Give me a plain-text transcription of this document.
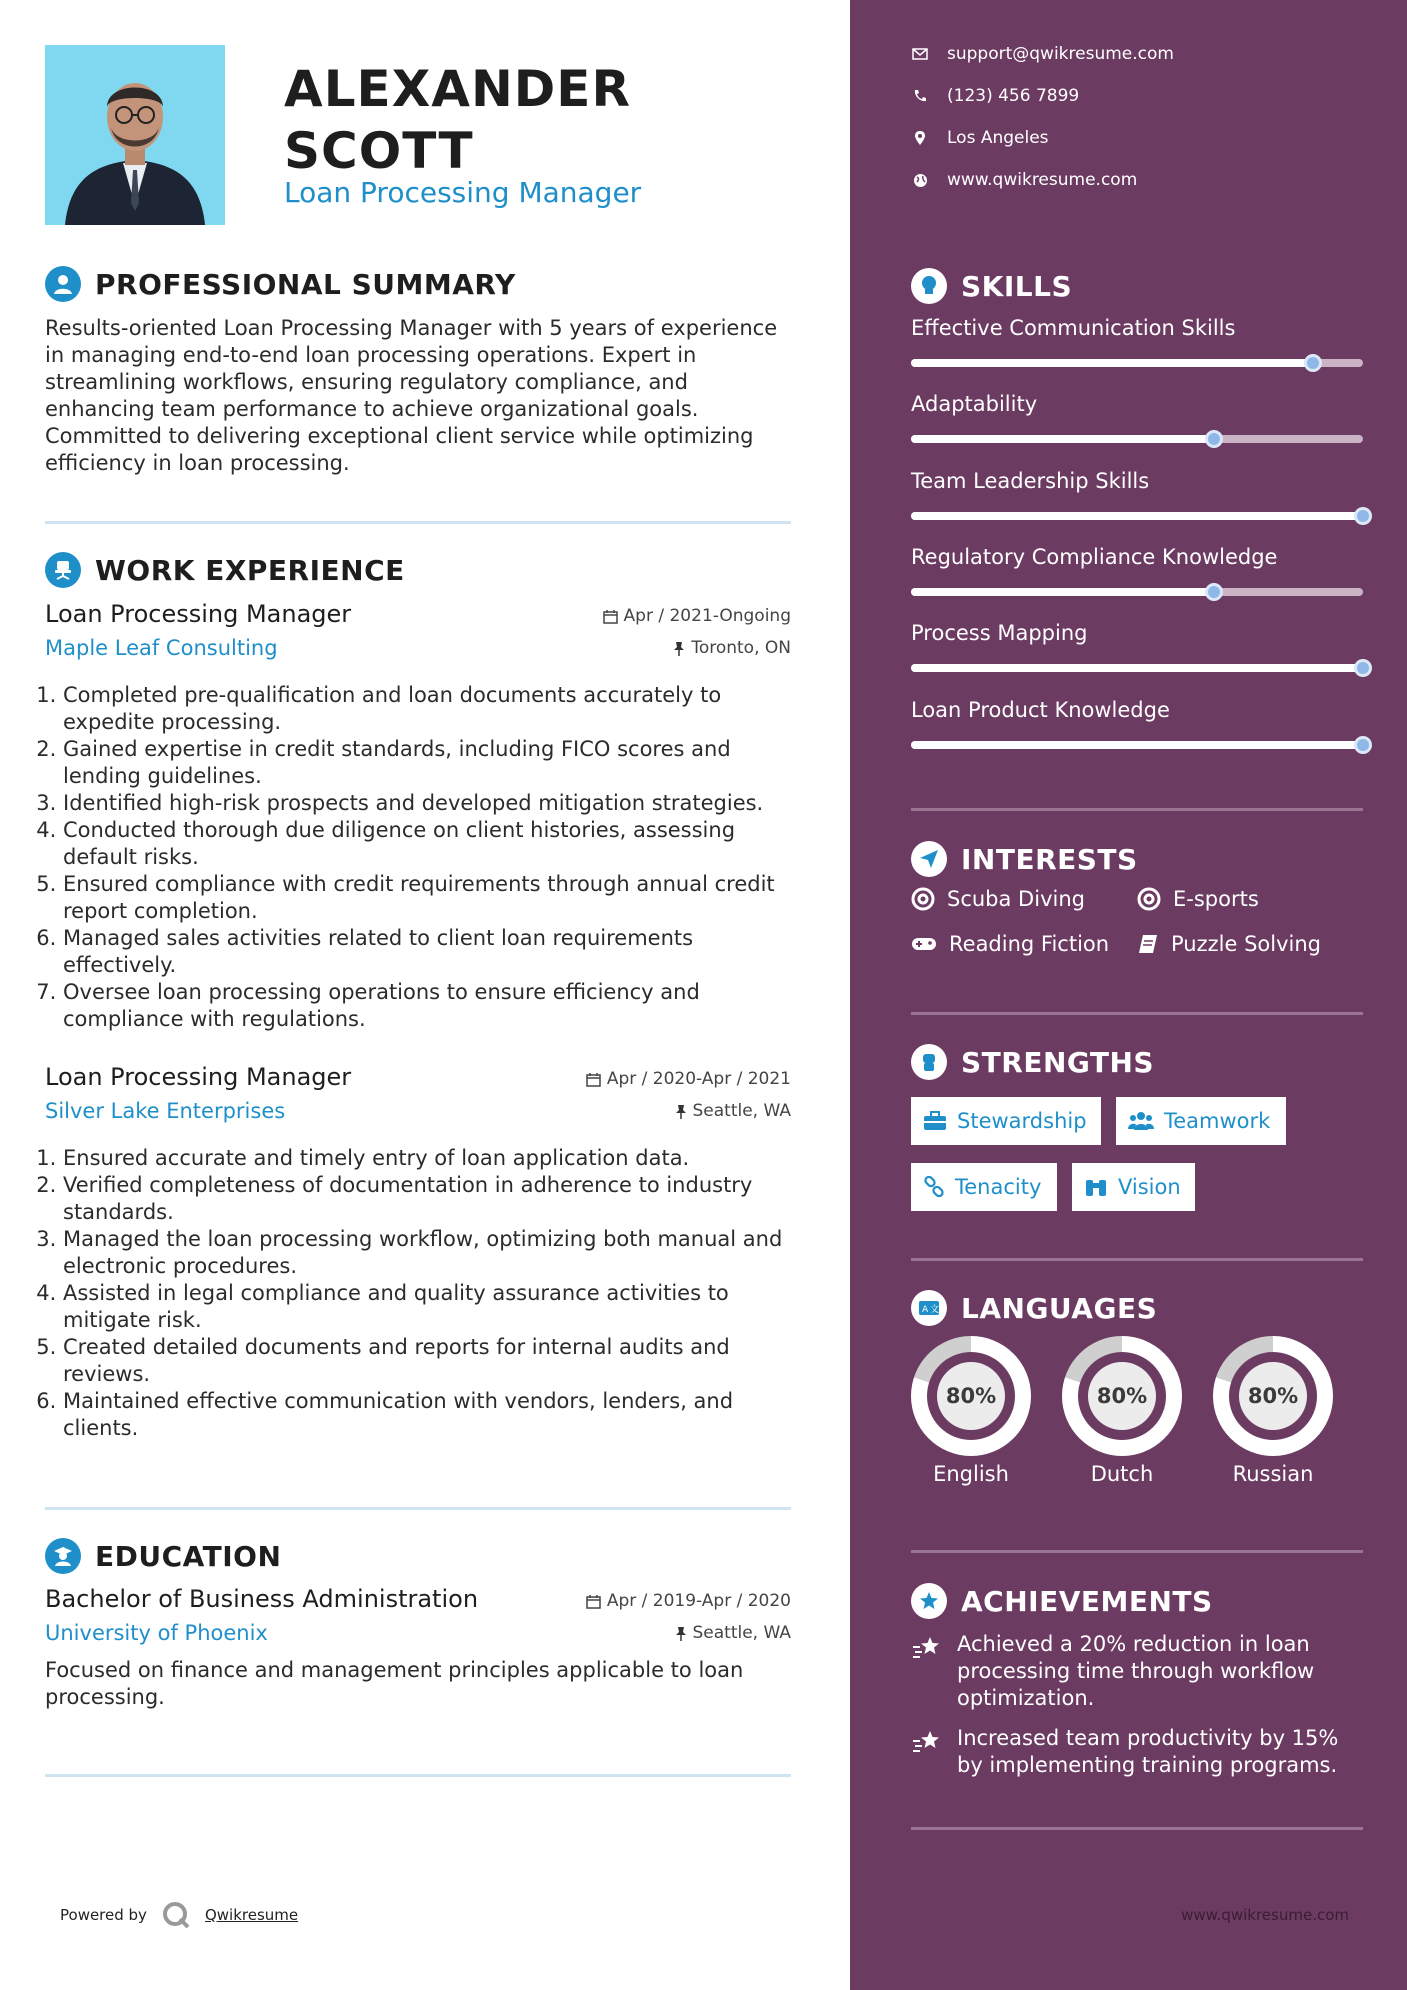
ALEXANDER
SCOTT
Loan Processing Manager
PROFESSIONAL SUMMARY
Results-oriented Loan Processing Manager with 5 years of experience in managing end-to-end loan processing operations. Expert in streamlining workflows, ensuring regulatory compliance, and enhancing team performance to achieve organizational goals. Committed to delivering exceptional client service while optimizing efficiency in loan processing.
WORK EXPERIENCE
Loan Processing Manager	Apr / 2021-Ongoing
Maple Leaf Consulting	Toronto, ON
1. Completed pre-qualification and loan documents accurately to expedite processing.
2. Gained expertise in credit standards, including FICO scores and lending guidelines.
3. Identified high-risk prospects and developed mitigation strategies.
4. Conducted thorough due diligence on client histories, assessing default risks.
5. Ensured compliance with credit requirements through annual credit report completion.
6. Managed sales activities related to client loan requirements effectively.
7. Oversee loan processing operations to ensure efficiency and compliance with regulations.
Loan Processing Manager	Apr / 2020-Apr / 2021
Silver Lake Enterprises	Seattle, WA
1. Ensured accurate and timely entry of loan application data.
2. Verified completeness of documentation in adherence to industry standards.
3. Managed the loan processing workflow, optimizing both manual and electronic procedures.
4. Assisted in legal compliance and quality assurance activities to mitigate risk.
5. Created detailed documents and reports for internal audits and reviews.
6. Maintained effective communication with vendors, lenders, and clients.
EDUCATION
Bachelor of Business Administration	Apr / 2019-Apr / 2020
University of Phoenix	Seattle, WA
Focused on finance and management principles applicable to loan processing.
Powered by	Qwikresume	www.qwikresume.com
support@qwikresume.com
(123) 456 7899
Los Angeles
www.qwikresume.com
SKILLS
Effective Communication Skills
Adaptability
Team Leadership Skills
Regulatory Compliance Knowledge
Process Mapping
Loan Product Knowledge
INTERESTS
Scuba Diving	E-sports
Reading Fiction	Puzzle Solving
STRENGTHS
Stewardship	Teamwork
Tenacity	Vision
A 文 LANGUAGES
80%
English
80%
Dutch
80%
Russian
ACHIEVEMENTS
Achieved a 20% reduction in loan processing time through workflow optimization.
Increased team productivity by 15% by implementing training programs.
